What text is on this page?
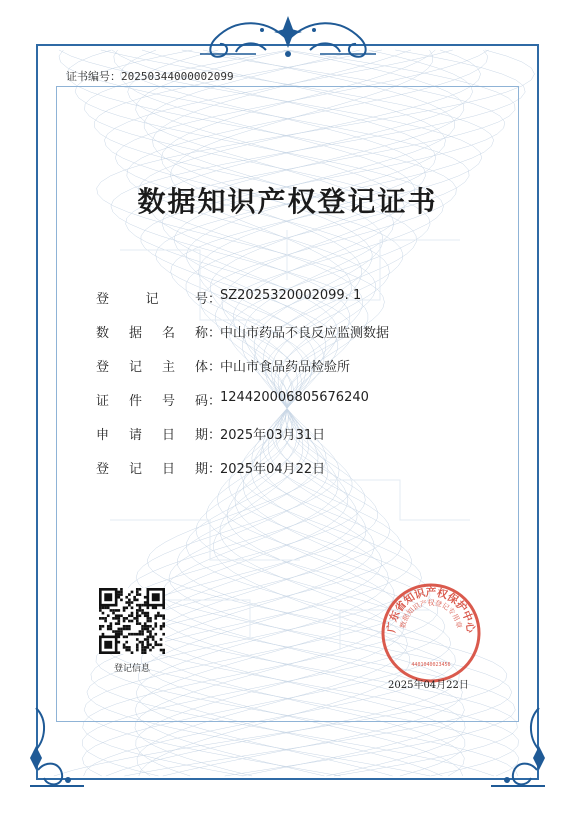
证书编号：2025034400000209​9
数据知识产权登记证书
登	记	号 ：
SZ2025320002099. 1
数 据 名 称 ：
中山市药品不良反应监测数据
登 记 主 体 ：
中山市食品药品检验所
证 件 号 码 ：
124420006805676240
申 请 日 期 ：
2025年03月31日
登 记 日 期 ：
2025年04月22日
登记信息
广东省知识产权保护中心
数据知识产权登记专用章
4401040023456
2025年04月22日
